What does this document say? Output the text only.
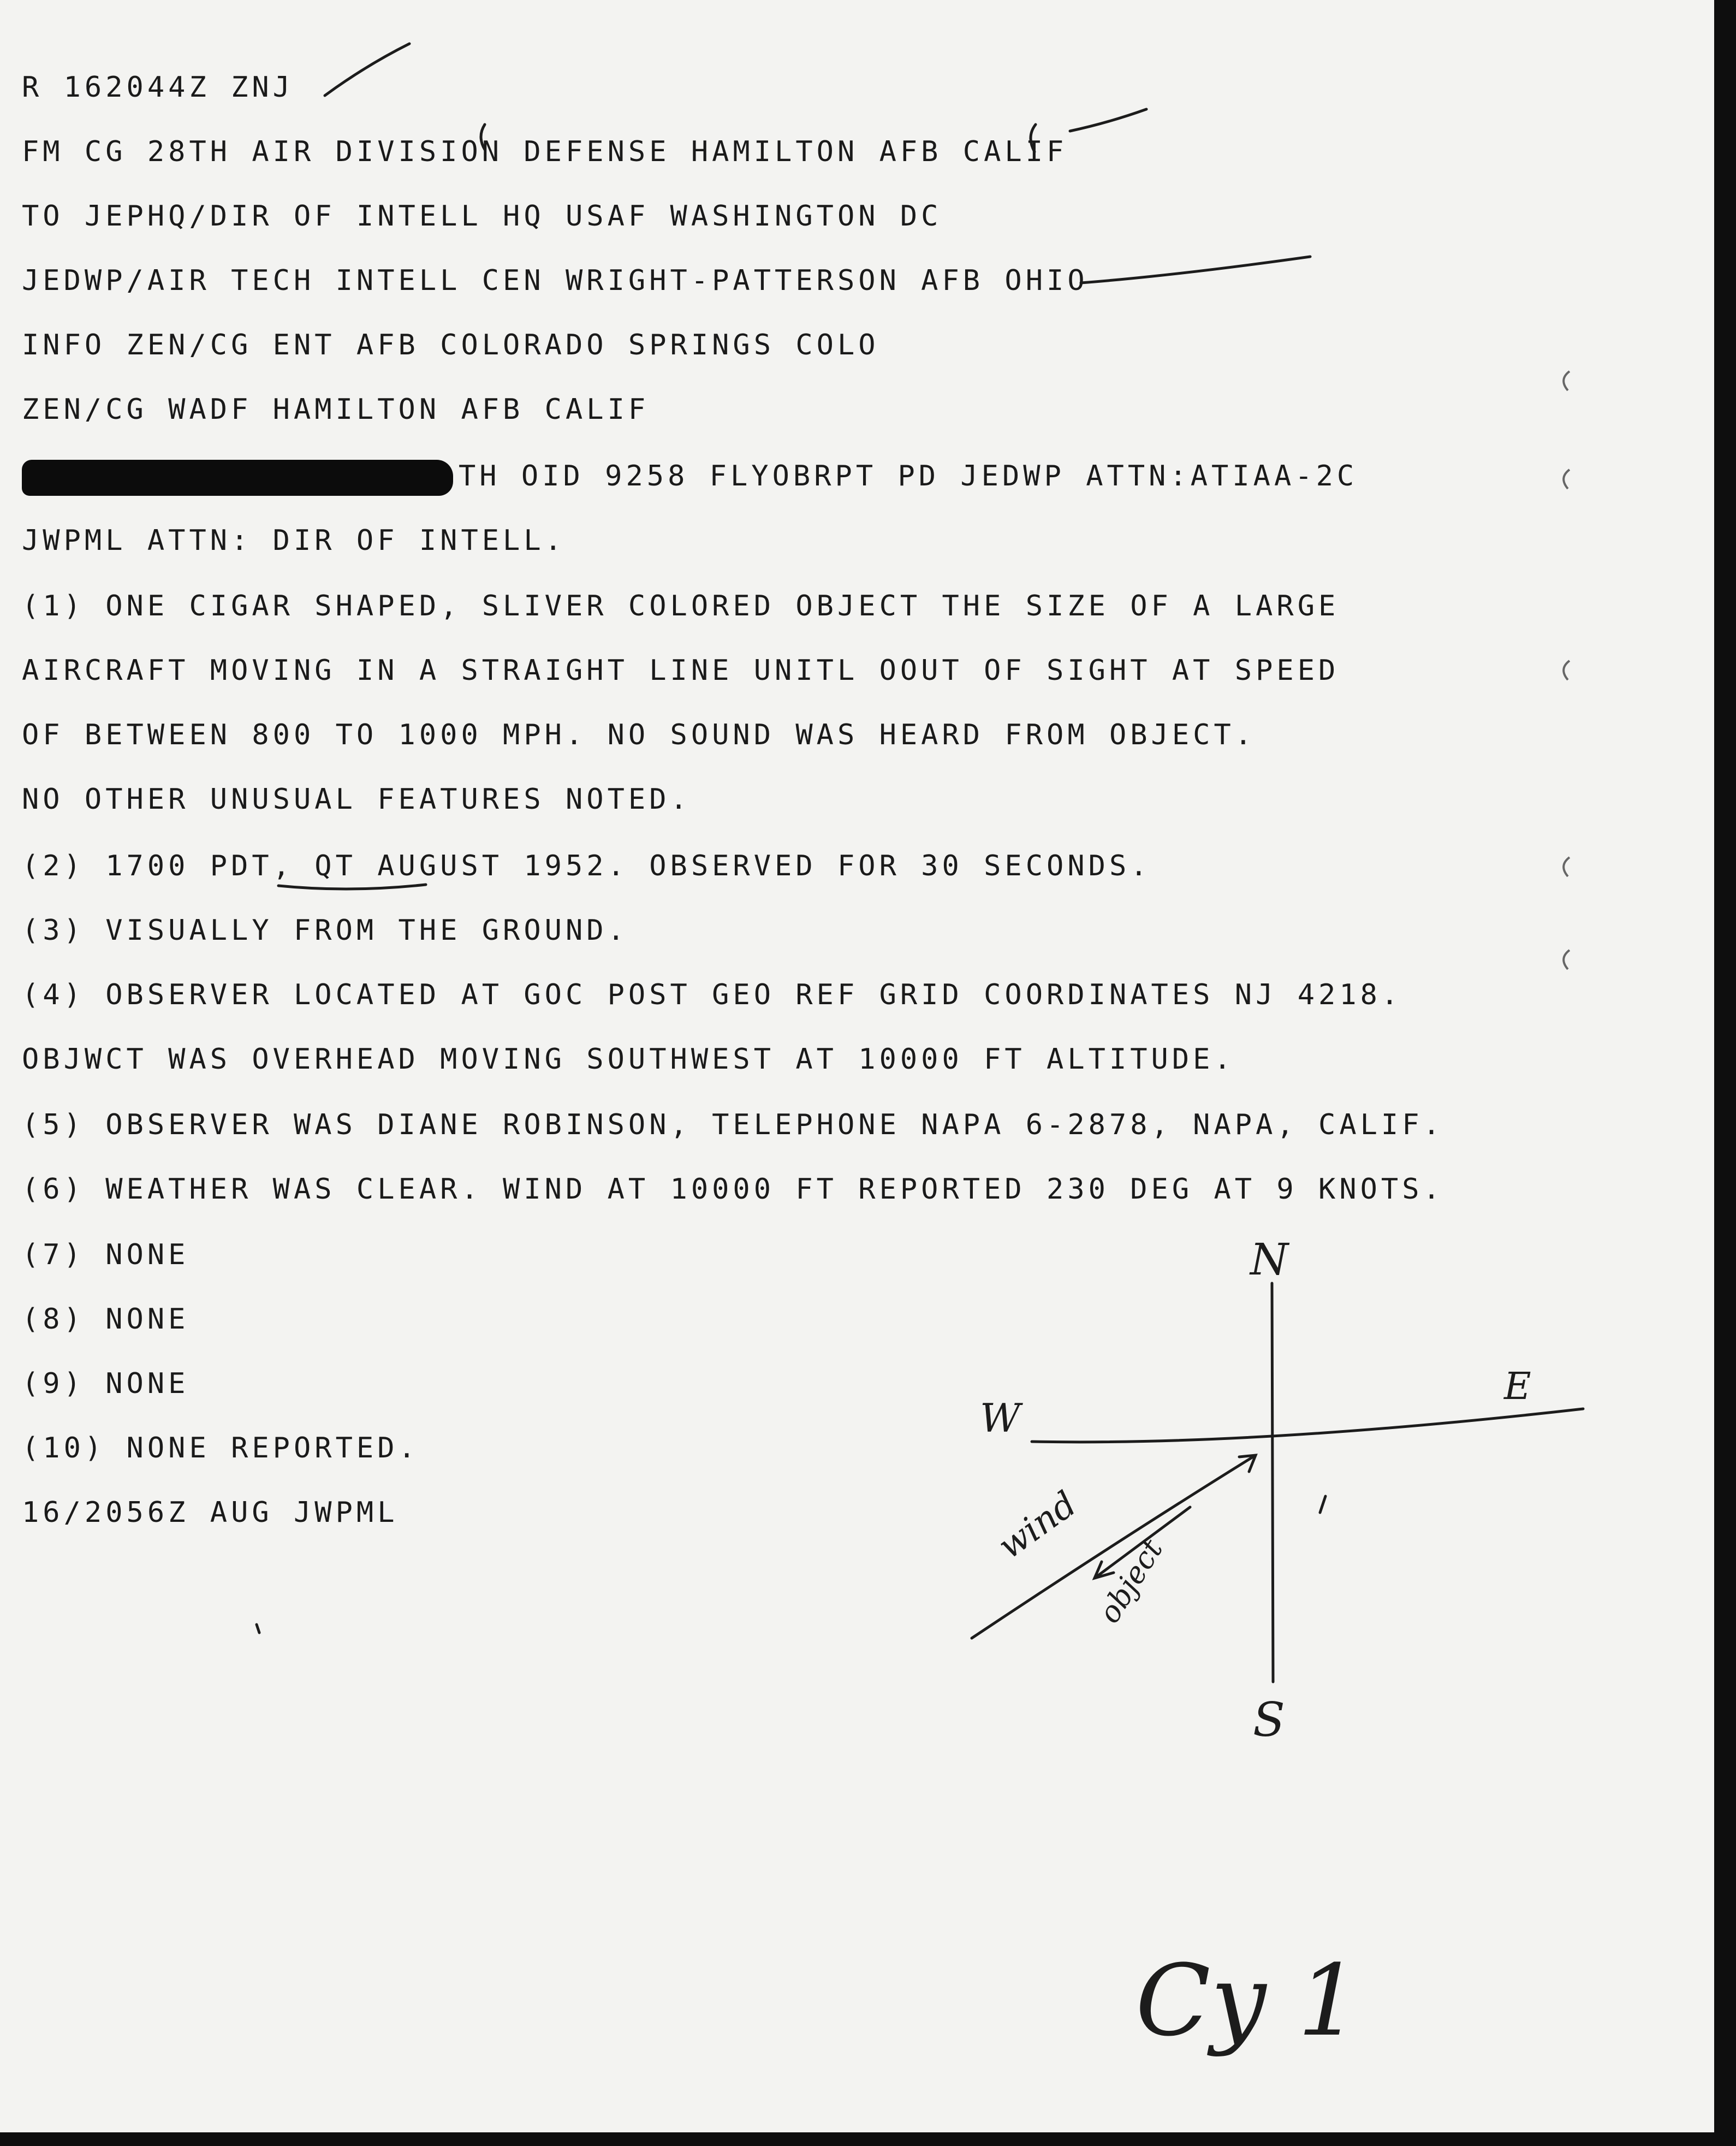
R 162044Z ZNJ
FM CG 28TH AIR DIVISION DEFENSE HAMILTON AFB CALIF
TO JEPHQ/DIR OF INTELL HQ USAF WASHINGTON DC
JEDWP/AIR TECH INTELL CEN WRIGHT-PATTERSON AFB OHIO
INFO ZEN/CG ENT AFB COLORADO SPRINGS COLO
ZEN/CG WADF HAMILTON AFB CALIF
TH OID 9258 FLYOBRPT PD JEDWP ATTN:ATIAA-2C
JWPML ATTN: DIR OF INTELL.
(1) ONE CIGAR SHAPED, SLIVER COLORED OBJECT THE SIZE OF A LARGE
AIRCRAFT MOVING IN A STRAIGHT LINE UNITL OOUT OF SIGHT AT SPEED
OF BETWEEN 800 TO 1000 MPH. NO SOUND WAS HEARD FROM OBJECT.
NO OTHER UNUSUAL FEATURES NOTED.
(2) 1700 PDT, QT AUGUST 1952. OBSERVED FOR 30 SECONDS.
(3) VISUALLY FROM THE GROUND.
(4) OBSERVER LOCATED AT GOC POST GEO REF GRID COORDINATES NJ 4218.
OBJWCT WAS OVERHEAD MOVING SOUTHWEST AT 10000 FT ALTITUDE.
(5) OBSERVER WAS DIANE ROBINSON, TELEPHONE NAPA 6-2878, NAPA, CALIF.
(6) WEATHER WAS CLEAR. WIND AT 10000 FT REPORTED 230 DEG AT 9 KNOTS.
(7) NONE
(8) NONE
(9) NONE
(10) NONE REPORTED.
16/2056Z AUG JWPML
N
S
E
W
wind
object
Cy 1
